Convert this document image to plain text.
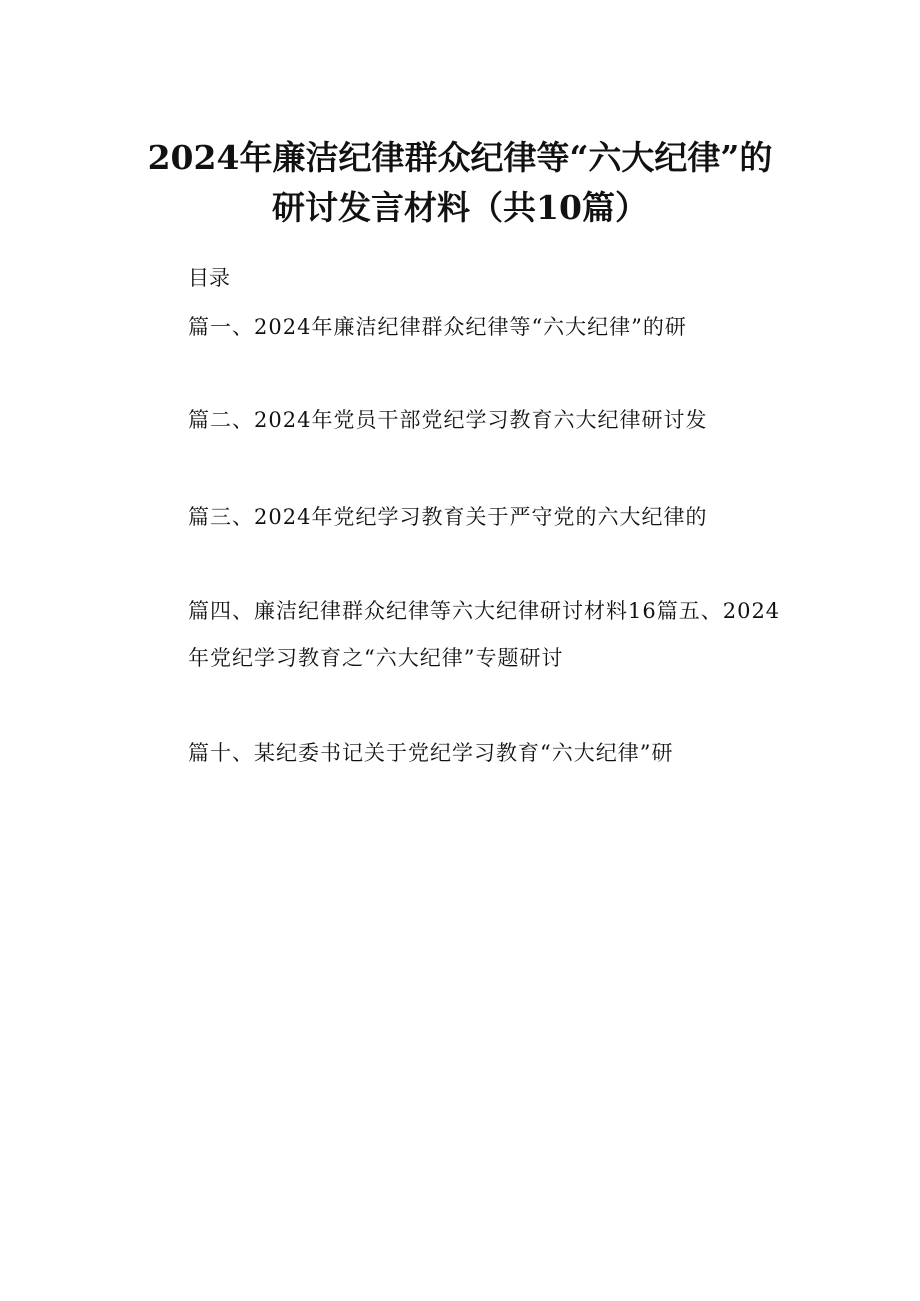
2024年廉洁纪律群众纪律等“六大纪律”的
研讨发言材料（共10篇）

目录

篇一、2024年廉洁纪律群众纪律等“六大纪律”的研

篇二、2024年党员干部党纪学习教育六大纪律研讨发

篇三、2024年党纪学习教育关于严守党的六大纪律的

篇四、廉洁纪律群众纪律等六大纪律研讨材料16篇五、2024

年党纪学习教育之“六大纪律”专题研讨

篇十、某纪委书记关于党纪学习教育“六大纪律”研
